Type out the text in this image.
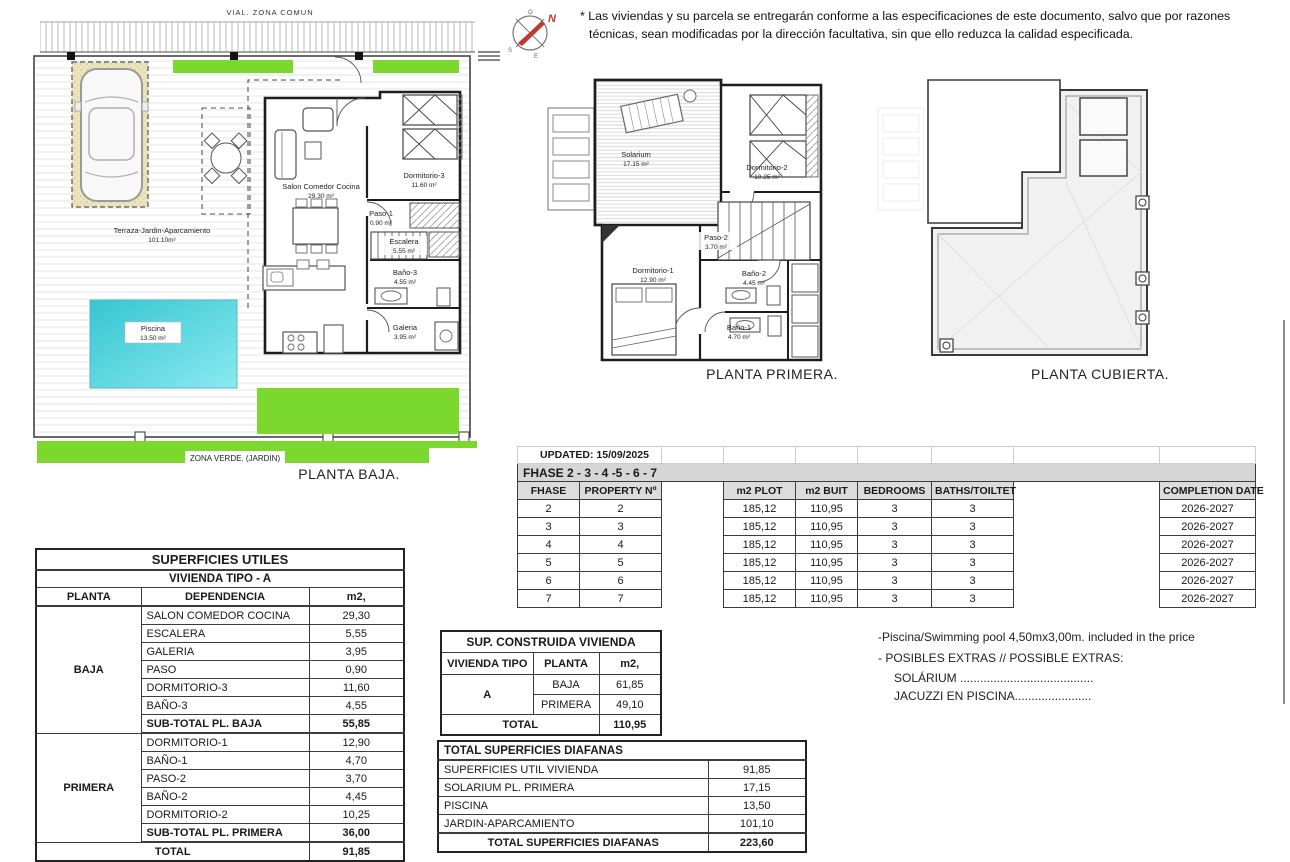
VIAL. ZONA COMUN
Piscina
13.50 m²
ZONA VERDE. (JARDIN)
Terraza-Jardin-Aparcamiento
101.10m²
Salon Comedor Cocina
29.30 m²
Dormitorio-3
11.60 m²
Paso-1
0.90 m²
Escalera
5.55 m²
Baño-3
4.55 m²
Galeria
3.95 m²
PLANTA BAJA.
N
O
S
E
* Las viviendas y su parcela se entregarán conforme a las especificaciones de este documento, salvo que por razones técnicas, sean modificadas por la dirección facultativa, sin que ello reduzca la calidad especificada.
Solarium
17.15 m²	Dormitorio-2
10.25 m²
Paso-2
3.70 m²
Dormitorio-1
12.90 m²
Baño-2
4.45 m²
Baño-1
4.70 m²
PLANTA PRIMERA.	PLANTA CUBIERTA.
UPDATED: 15/09/2025								
FHASE 2 - 3 - 4 -5 - 6 - 7								
FHASE	PROPERTY Nº		m2 PLOT	m2 BUIT	BEDROOMS	BATHS/TOILTET		COMPLETION DATE
2	2		185,12	110,95	3	3		2026-2027
3	3		185,12	110,95	3	3		2026-2027
4	4		185,12	110,95	3	3		2026-2027
5	5		185,12	110,95	3	3		2026-2027
6	6		185,12	110,95	3	3		2026-2027
7	7		185,12	110,95	3	3		2026-2027
SUPERFICIES UTILES		
VIVIENDA TIPO - A		
PLANTA	DEPENDENCIA	m2,
BAJA	SALON COMEDOR COCINA	29,30
	ESCALERA	5,55
	GALERIA	3,95
	PASO	0,90
	DORMITORIO-3	11,60
	BAÑO-3	4,55
	SUB-TOTAL PL. BAJA	55,85
PRIMERA	DORMITORIO-1	12,90
	BAÑO-1	4,70
	PASO-2	3,70
	BAÑO-2	4,45
	DORMITORIO-2	10,25
	SUB-TOTAL PL. PRIMERA	36,00
TOTAL		91,85
SUP. CONSTRUIDA VIVIENDA		
VIVIENDA TIPO	PLANTA	m2,
A	BAJA	61,85
	PRIMERA	49,10
TOTAL		110,95
TOTAL SUPERFICIES DIAFANAS	
SUPERFICIES UTIL VIVIENDA	91,85
SOLARIUM PL. PRIMERA	17,15
PISCINA	13,50
JARDIN-APARCAMIENTO	101,10
TOTAL SUPERFICIES DIAFANAS	223,60
-Piscina/Swimming pool 4,50mx3,00m. included in the price
- POSIBLES EXTRAS // POSSIBLE EXTRAS:
SOLÁRIUM ........................................
JACUZZI EN PISCINA.......................
